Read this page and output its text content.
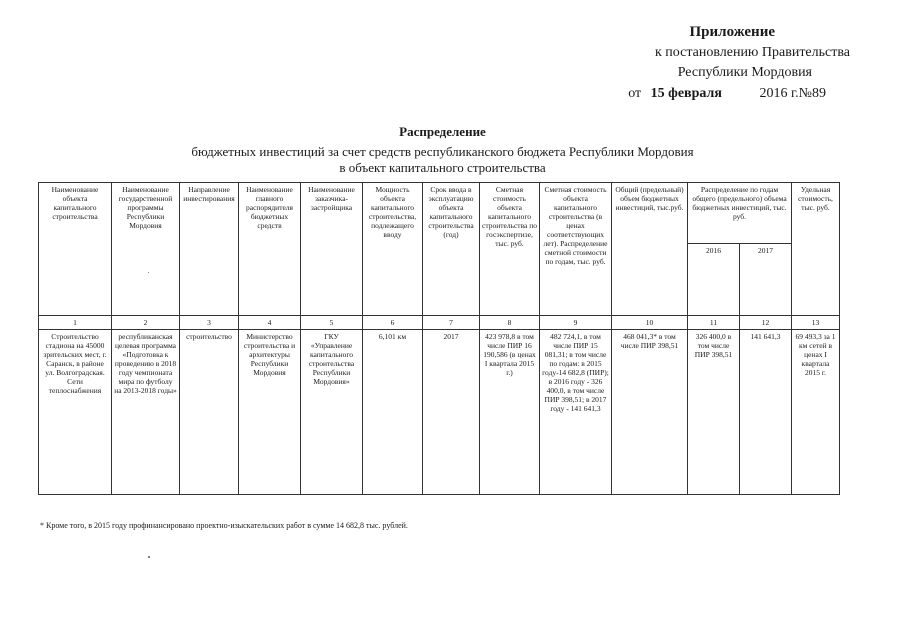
Приложение
к постановлению Правительства
Республики Мордовия
от 15 февраля	2016 г.№89
Распределение
бюджетных инвестиций за счет средств республиканского бюджета Республики Мордовия
в объект капитального строительства
Наименование объекта капитального строительства	Наименование государственной программы Республики Мордовия	Направление инвестирования	Наименование главного распорядителя бюджетных средств	Наименование заказчика-застройщика	Мощность объекта капитального строительства, подлежащего вводу	Срок ввода в эксплуатацию объекта капитального строительства (год)	Сметная стоимость объекта капитального строительства по госэкспертизе, тыс. руб.	Сметная стоимость объекта капитального строительства (в ценах соответствующих лет). Распределение сметной стоимости по годам, тыс. руб.	Общий (предельный) объем бюджетных инвестиций, тыс.руб.	Распределение по годам общего (предельного) объема бюджетных инвестиций, тыс. руб.		Удельная стоимость, тыс. руб.
										2016	2017	
1	2	3	4	5	6	7	8	9	10	11	12	13
Строительство стадиона на 45000 зрительских мест, г. Саранск, в районе ул. Волгоградская. Сети теплоснабжения	республиканская целевая программа «Подготовка к проведению в 2018 году чемпионата мира по футболу на 2013-2018 годы»	строительство	Министерство строительства и архитектуры Республики Мордовия	ГКУ «Управление капитального строительства Республики Мордовия»	6,101 км	2017	423 978,8 в том числе ПИР 16 190,586 (в ценах I квартала 2015 г.)	482 724,1, в том числе ПИР 15 081,31; в том числе по годам: в 2015 году-14 682,8 (ПИР); в 2016 году - 326 400,0, в том числе ПИР 398,51; в 2017 году - 141 641,3	468 041,3* в том числе ПИР 398,51	326 400,0 в том числе ПИР 398,51	141 641,3	69 493,3 за 1 км сетей в ценах I квартала 2015 г.
* Кроме того, в 2015 году профинансировано проектно-изыскательских работ в сумме 14 682,8 тыс. рублей.
